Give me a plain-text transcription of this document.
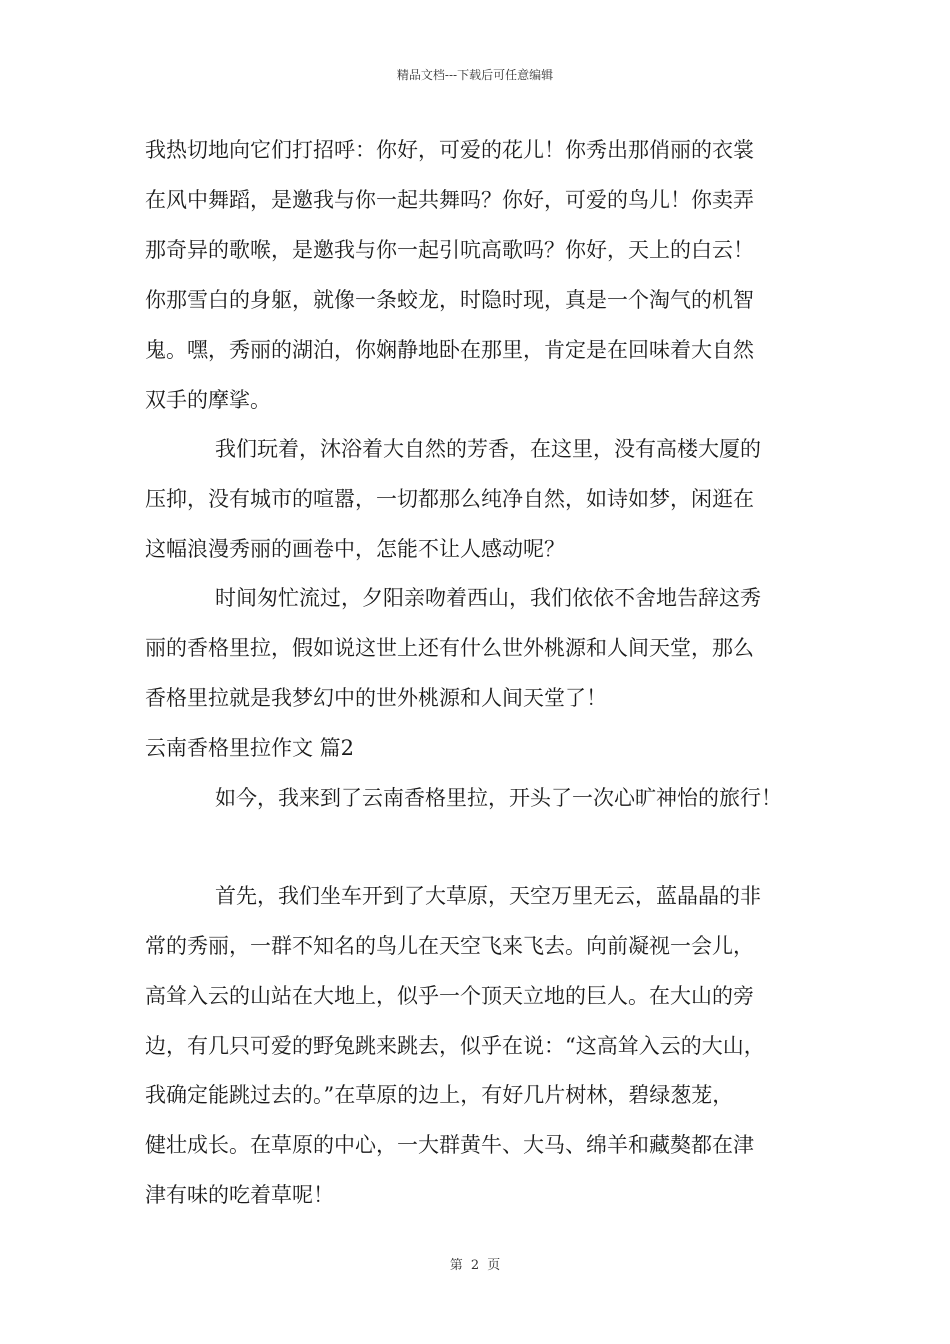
精品文档---下载后可任意编辑
我热切地向它们打招呼：你好，可爱的花儿！你秀出那俏丽的衣裳
在风中舞蹈，是邀我与你一起共舞吗？你好，可爱的鸟儿！你卖弄
那奇异的歌喉，是邀我与你一起引吭高歌吗？你好，天上的白云！
你那雪白的身躯，就像一条蛟龙，时隐时现，真是一个淘气的机智
鬼。嘿，秀丽的湖泊，你娴静地卧在那里，肯定是在回味着大自然
双手的摩挲。
我们玩着，沐浴着大自然的芳香，在这里，没有高楼大厦的
压抑，没有城市的喧嚣，一切都那么纯净自然，如诗如梦，闲逛在
这幅浪漫秀丽的画卷中，怎能不让人感动呢？
时间匆忙流过，夕阳亲吻着西山，我们依依不舍地告辞这秀
丽的香格里拉，假如说这世上还有什么世外桃源和人间天堂，那么
香格里拉就是我梦幻中的世外桃源和人间天堂了！
云南香格里拉作文 篇2
如今，我来到了云南香格里拉，开头了一次心旷神怡的旅行！
首先，我们坐车开到了大草原，天空万里无云，蓝晶晶的非
常的秀丽，一群不知名的鸟儿在天空飞来飞去。向前凝视一会儿，
高耸入云的山站在大地上，似乎一个顶天立地的巨人。在大山的旁
边，有几只可爱的野兔跳来跳去，似乎在说：“这高耸入云的大山，
我确定能跳过去的。”在草原的边上，有好几片树林，碧绿葱茏，
健壮成长。在草原的中心，一大群黄牛、大马、绵羊和藏獒都在津
津有味的吃着草呢！
第 2 页
